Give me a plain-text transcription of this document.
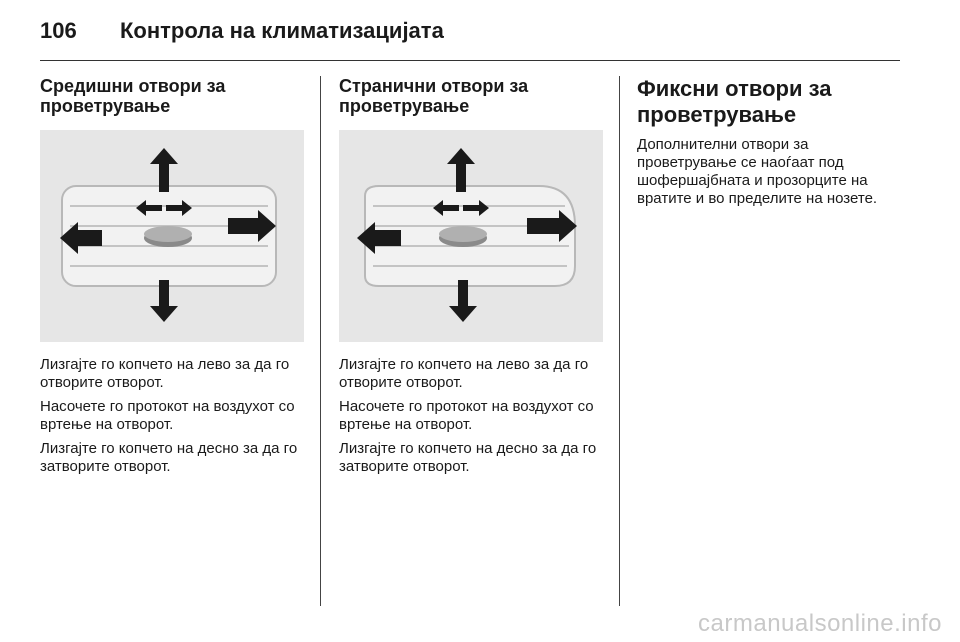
106 Контрола на климатизацијата

Средишни отвори за
проветрување

Лизгајте го копчето на лево за да го отворите отворот.

Насочете го протокот на воздухот со вртење на отворот.

Лизгајте го копчето на десно за да го затворите отворот.

Странични отвори за
проветрување

Лизгајте го копчето на лево за да го отворите отворот.

Насочете го протокот на воздухот со вртење на отворот.

Лизгајте го копчето на десно за да го затворите отворот.

Фиксни отвори за
проветрување

Дополнителни отвори за проветрување се наоѓаат под шофершајбната и прозорците на вратите и во пределите на нозете.

carmanualsonline.info
